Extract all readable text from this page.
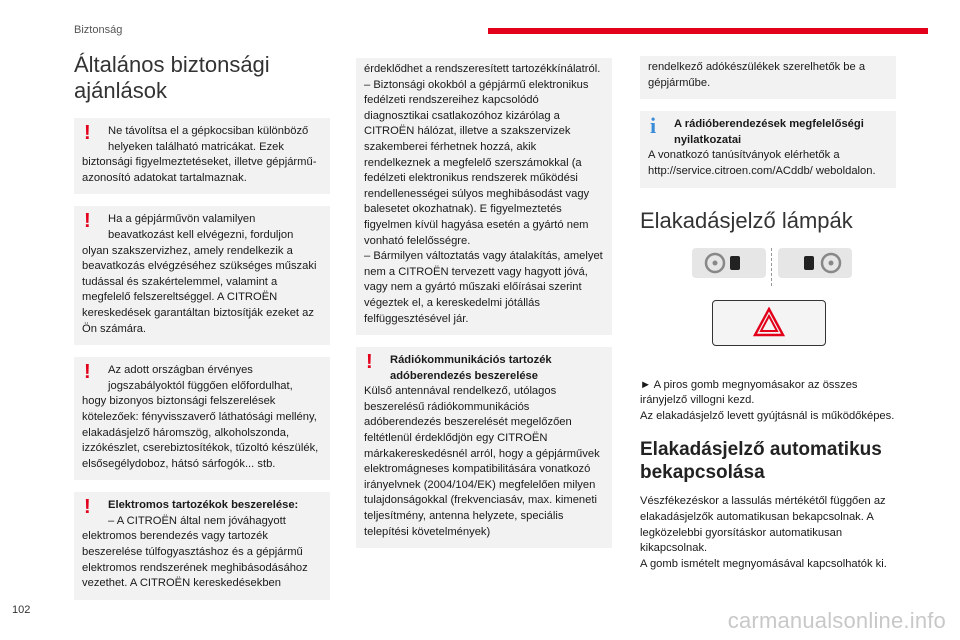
Biztonság
Általános biztonsági ajánlások
!	Ne távolítsa el a gépkocsiban különböző helyeken található matricákat. Ezek

biztonsági figyelmeztetéseket, illetve gépjármű-azonosító adatokat tartalmaznak.

!	Ha a gépjárművön valamilyen beavatkozást kell elvégezni, forduljon

olyan szakszervizhez, amely rendelkezik a beavatkozás elvégzéséhez szükséges műszaki tudással és szakértelemmel, valamint a megfelelő felszereltséggel. A CITROËN kereskedések garantáltan biztosítják ezeket az Ön számára.

!	Az adott országban érvényes jogszabályoktól függően előfordulhat,

hogy bizonyos biztonsági felszerelések kötelezőek: fényvisszaverő láthatósági mellény, elakadásjelző háromszög, alkoholszonda, izzókészlet, cserebiztosítékok, tűzoltó készülék, elsősegélydoboz, hátsó sárfogók... stb.

!	Elektromos tartozékok beszerelése:

– A CITROËN által nem jóváhagyott

elektromos berendezés vagy tartozék beszerelése túlfogyasztáshoz és a gépjármű elektromos rendszerének meghibásodásához vezethet. A CITROËN kereskedésekben

érdeklődhet a rendszeresített tartozékkínálatról.
– Biztonsági okokból a gépjármű elektronikus fedélzeti rendszereihez kapcsolódó diagnosztikai csatlakozóhoz kizárólag a CITROËN hálózat, illetve a szakszervizek szakemberei férhetnek hozzá, akik rendelkeznek a megfelelő szerszámokkal (a fedélzeti elektronikus rendszerek működési rendellenességei súlyos meghibásodást vagy balesetet okozhatnak). E figyelmeztetés figyelmen kívül hagyása esetén a gyártó nem vonható felelősségre.
– Bármilyen változtatás vagy átalakítás, amelyet nem a CITROËN tervezett vagy hagyott jóvá, vagy nem a gyártó műszaki előírásai szerint végeztek el, a kereskedelmi jótállás felfüggesztésével jár.

!	Rádiókommunikációs tartozék adóberendezés beszerelése

Külső antennával rendelkező, utólagos beszerelésű rádiókommunikációs adóberendezés beszerelését megelőzően feltétlenül érdeklődjön egy CITROËN márkakereskedésnél arról, hogy a gépjárművek elektromágneses kompatibilitására vonatkozó irányelvnek (2004/104/EK) megfelelően milyen tulajdonságokkal (frekvenciasáv, max. kimeneti teljesítmény, antenna helyzete, speciális telepítési követelmények)

rendelkező adókészülékek szerelhetők be a gépjárműbe.

i	A rádióberendezések megfelelőségi nyilatkozatai

A vonatkozó tanúsítványok elérhetők a http://service.citroen.com/ACddb/ weboldalon.

Elakadásjelző lámpák

► A piros gomb megnyomásakor az összes irányjelző villogni kezd.
Az elakadásjelző levett gyújtásnál is működőképes.

Elakadásjelző automatikus bekapcsolása

Vészfékezéskor a lassulás mértékétől függően az elakadásjelzők automatikusan bekapcsolnak. A legközelebbi gyorsításkor automatikusan kikapcsolnak.
A gomb ismételt megnyomásával kapcsolhatók ki.

102	carmanualsonline.info
